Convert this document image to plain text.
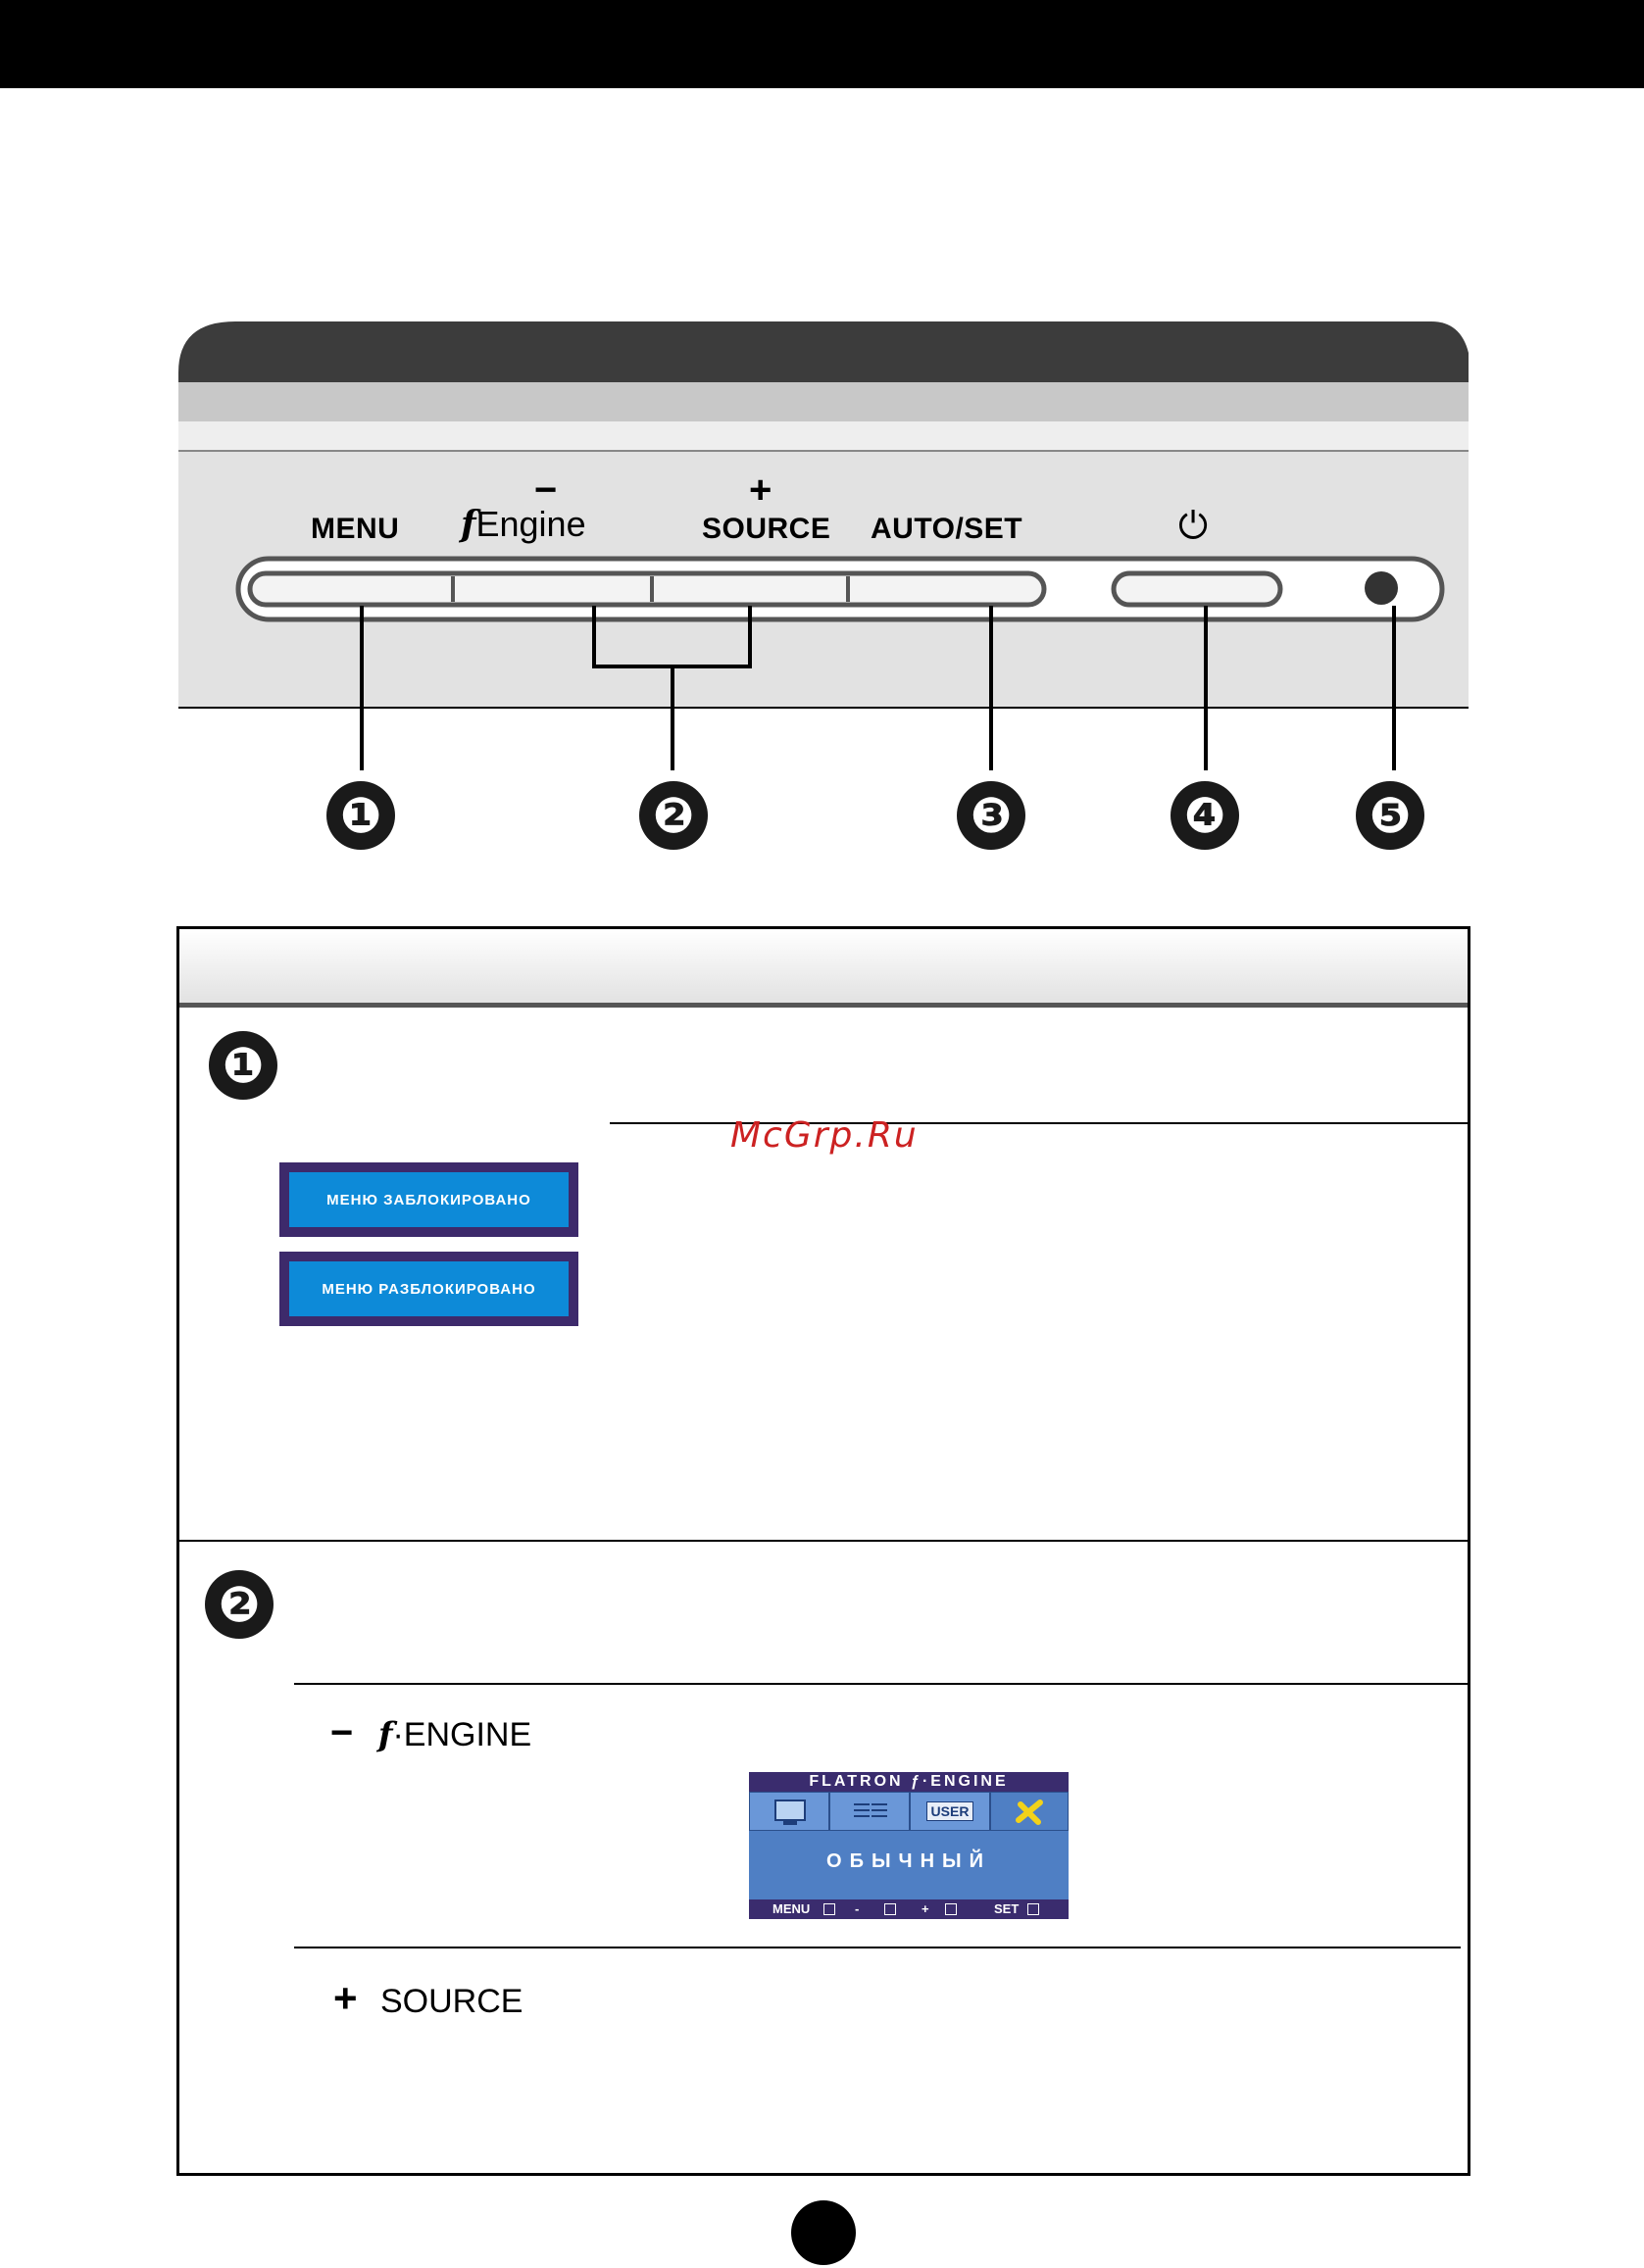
MENU
−
fEngine
+
SOURCE AUTO/SET	⏻
❶	❷	❸	❹	❺
❶
McGrp.Ru
МЕНЮ ЗАБЛОКИРОВАНО
МЕНЮ РАЗБЛОКИРОВАНО
❷
− f·ENGINE
FLATRON ƒ·ENGINE
USER
ОБЫЧНЫЙ
MENU	-	+	SET
+ SOURCE
